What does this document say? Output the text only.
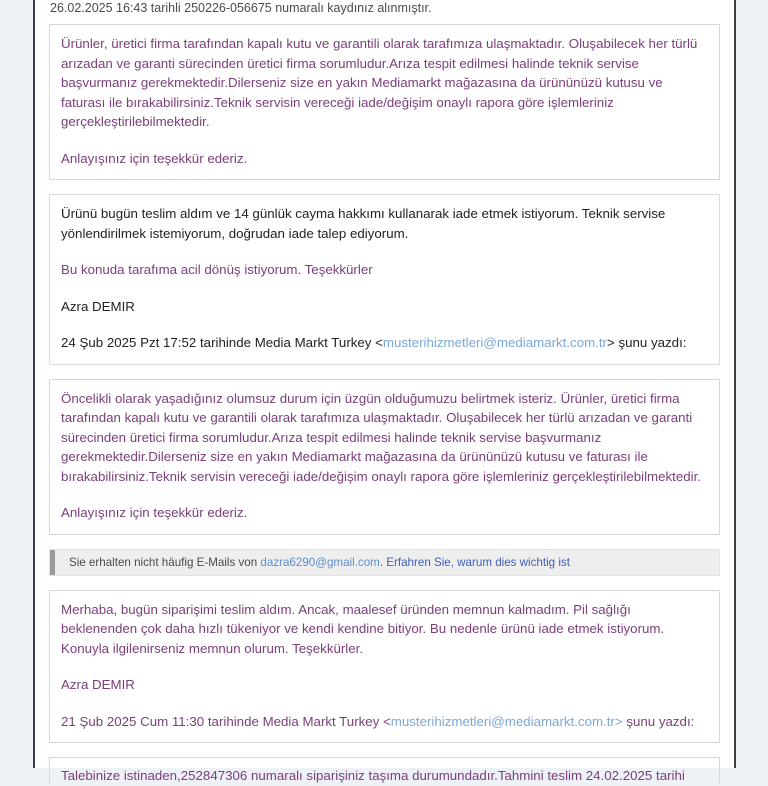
26.02.2025 16:43 tarihli 250226-056675 numaralı kaydınız alınmıştır.

Ürünler, üretici firma tarafından kapalı kutu ve garantili olarak tarafımıza ulaşmaktadır. Oluşabilecek her türlü arızadan ve garanti sürecinden üretici firma sorumludur.Arıza tespit edilmesi halinde teknik servise başvurmanız gerekmektedir.Dilerseniz size en yakın Mediamarkt mağazasına da ürününüzü kutusu ve faturası ile bırakabilirsiniz.Teknik servisin vereceği iade/değişim onaylı rapora göre işlemleriniz gerçekleştirilebilmektedir.

Anlayışınız için teşekkür ederiz.

Ürünü bugün teslim aldım ve 14 günlük cayma hakkımı kullanarak iade etmek istiyorum. Teknik servise yönlendirilmek istemiyorum, doğrudan iade talep ediyorum.

Bu konuda tarafıma acil dönüş istiyorum. Teşekkürler

Azra DEMIR

24 Şub 2025 Pzt 17:52 tarihinde Media Markt Turkey <musterihizmetleri@mediamarkt.com.tr> şunu yazdı:

Öncelikli olarak yaşadığınız olumsuz durum için üzgün olduğumuzu belirtmek isteriz. Ürünler, üretici firma tarafından kapalı kutu ve garantili olarak tarafımıza ulaşmaktadır. Oluşabilecek her türlü arızadan ve garanti sürecinden üretici firma sorumludur.Arıza tespit edilmesi halinde teknik servise başvurmanız gerekmektedir.Dilerseniz size en yakın Mediamarkt mağazasına da ürününüzü kutusu ve faturası ile bırakabilirsiniz.Teknik servisin vereceği iade/değişim onaylı rapora göre işlemleriniz gerçekleştirilebilmektedir.

Anlayışınız için teşekkür ederiz.

Sie erhalten nicht häufig E-Mails von dazra6290@gmail.com. Erfahren Sie, warum dies wichtig ist

Merhaba, bugün siparişimi teslim aldım. Ancak, maalesef üründen memnun kalmadım. Pil sağlığı beklenenden çok daha hızlı tükeniyor ve kendi kendine bitiyor. Bu nedenle ürünü iade etmek istiyorum. Konuyla ilgilenirseniz memnun olurum. Teşekkürler.

Azra DEMIR

21 Şub 2025 Cum 11:30 tarihinde Media Markt Turkey <musterihizmetleri@mediamarkt.com.tr> şunu yazdı:

Talebinize istinaden,252847306 numaralı siparişiniz taşıma durumundadır.Tahmini teslim 24.02.2025 tarihi
